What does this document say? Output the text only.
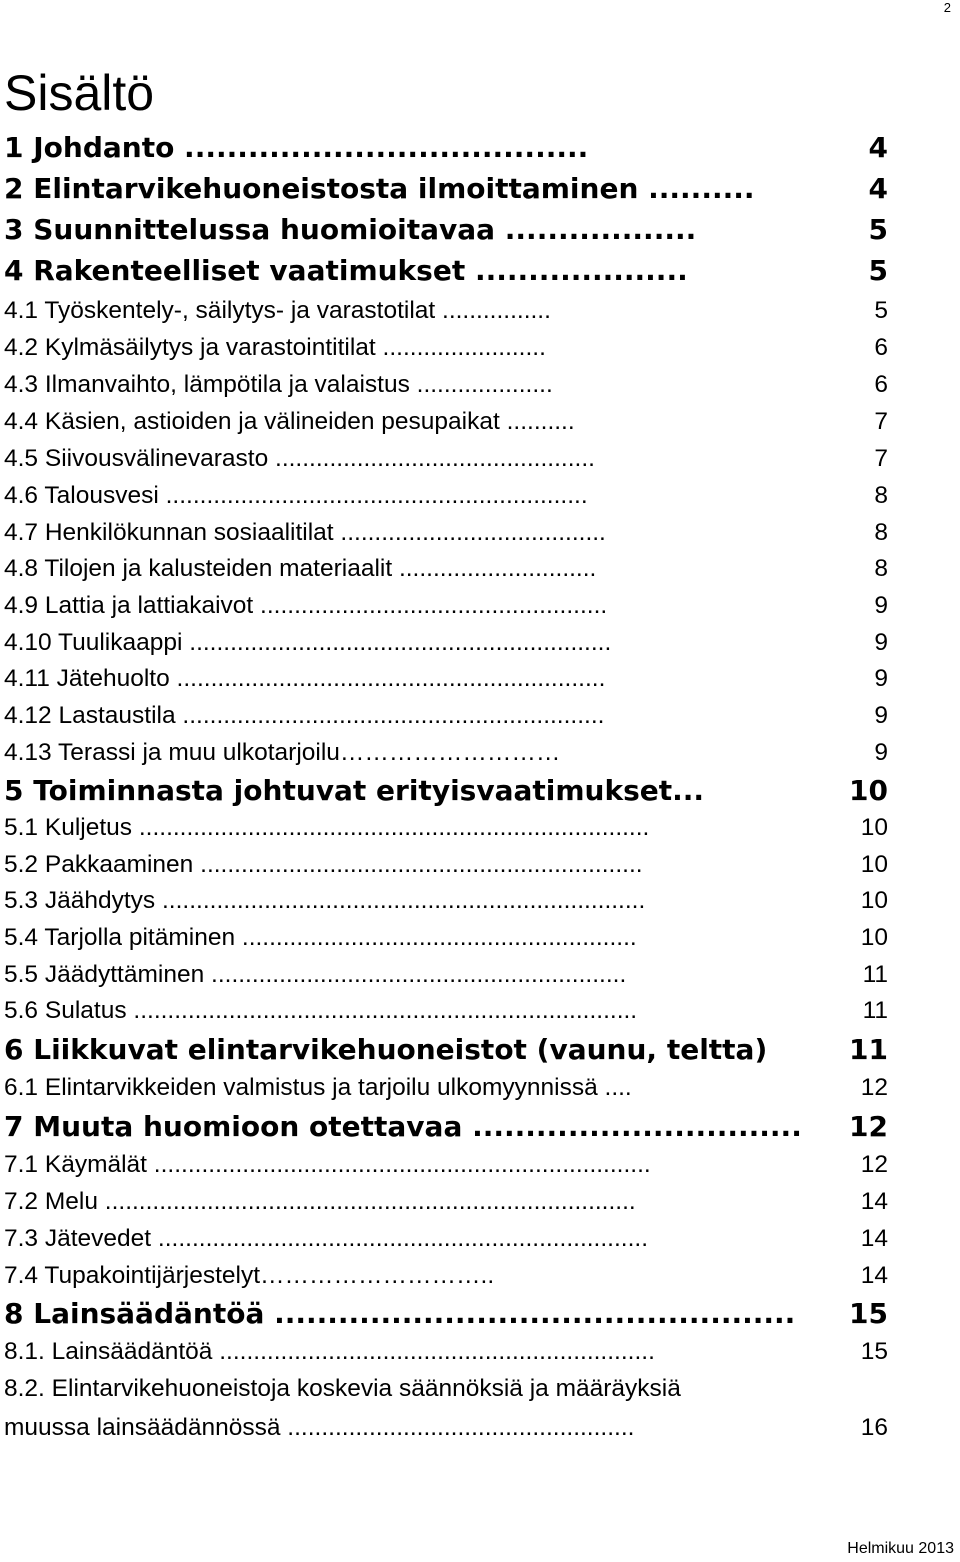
2
Sisältö
1 Johdanto ......................................	4
2 Elintarvikehuoneistosta ilmoittaminen ..........	4
3 Suunnittelussa huomioitavaa ..................	5
4 Rakenteelliset vaatimukset ....................	5
4.1 Työskentely-, säilytys- ja varastotilat ................	5
4.2 Kylmäsäilytys ja varastointitilat ........................	6
4.3 Ilmanvaihto, lämpötila ja valaistus ....................	6
4.4 Käsien, astioiden ja välineiden pesupaikat ..........	7
4.5 Siivousvälinevarasto ...............................................	7
4.6 Talousvesi ..............................................................	8
4.7 Henkilökunnan sosiaalitilat .......................................	8
4.8 Tilojen ja kalusteiden materiaalit .............................	8
4.9 Lattia ja lattiakaivot ...................................................	9
4.10 Tuulikaappi ..............................................................	9
4.11 Jätehuolto ...............................................................	9
4.12 Lastaustila ..............................................................	9
4.13 Terassi ja muu ulkotarjoilu………………………	9
5 Toiminnasta johtuvat erityisvaatimukset...	10
5.1 Kuljetus ...........................................................................	10
5.2 Pakkaaminen .................................................................	10
5.3 Jäähdytys .......................................................................	10
5.4 Tarjolla pitäminen ..........................................................	10
5.5 Jäädyttäminen .............................................................	11
5.6 Sulatus ..........................................................................	11
6 Liikkuvat elintarvikehuoneistot (vaunu, teltta)	11
6.1 Elintarvikkeiden valmistus ja tarjoilu ulkomyynnissä ....	12
7 Muuta huomioon otettavaa ...............................	12
7.1 Käymälät .........................................................................	12
7.2 Melu ..............................................................................	14
7.3 Jätevedet ........................................................................	14
7.4 Tupakointijärjestelyt………………………..	14
8 Lainsäädäntöä .................................................	15
8.1. Lainsäädäntöä ................................................................	15
8.2. Elintarvikehuoneistoja koskevia säännöksiä ja määräyksiä
muussa lainsäädännössä ...................................................	16
Helmikuu 2013
